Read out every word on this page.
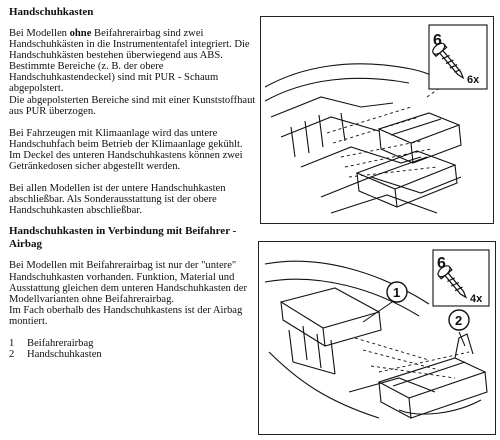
Handschuhkasten

Bei Modellen ohne Beifahrerairbag sind zwei Handschuhkästen in die Instrumententafel integriert. Die Handschuhkästen bestehen überwiegend aus ABS. Bestimmte Bereiche (z. B. der obere Handschuhkastendeckel) sind mit PUR - Schaum abgepolstert.

Die abgepolsterten Bereiche sind mit einer Kunststoffhaut aus PUR überzogen.

Bei Fahrzeugen mit Klimaanlage wird das untere Handschuhfach beim Betrieb der Klimaanlage gekühlt. Im Deckel des unteren Handschuhkastens können zwei Getränkedosen sicher abgestellt werden.

Bei allen Modellen ist der untere Handschuhkasten abschließbar. Als Sonderausstattung ist der obere Handschuhkasten abschließbar.

Handschuhkasten in Verbindung mit Beifahrer - Airbag

Bei Modellen mit Beifahrerairbag ist nur der "untere" Handschuhkasten vorhanden. Funktion, Material und Ausstattung gleichen dem unteren Handschuhkasten der Modellvarianten ohne Beifahrerairbag.

Im Fach oberhalb des Handschuhkastens ist der Airbag montiert.

1	Beifahrerairbag
2	Handschuhkasten
6
6x
1
2
6
4x
